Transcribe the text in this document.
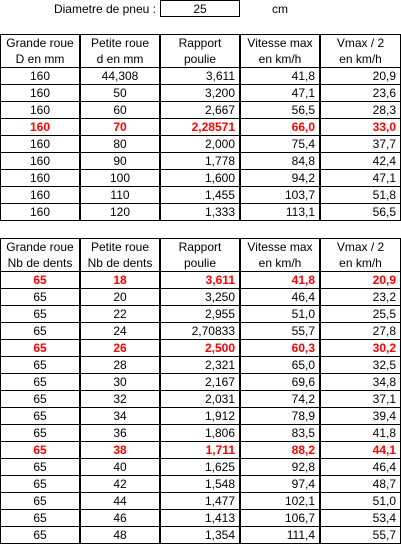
Diametre de pneu :	25	cm
Grande roue	Petite roue	Rapport	Vitesse max	Vmax / 2
D en mm	d en mm	poulie	en km/h	en km/h
160	44,308	3,611	41,8	20,9
160	50	3,200	47,1	23,6
160	60	2,667	56,5	28,3
160	70	2,28571	66,0	33,0
160	80	2,000	75,4	37,7
160	90	1,778	84,8	42,4
160	100	1,600	94,2	47,1
160	110	1,455	103,7	51,8
160	120	1,333	113,1	56,5
Grande roue	Petite roue	Rapport	Vitesse max	Vmax / 2
Nb de dents	Nb de dents	poulie	en km/h	en km/h
65	18	3,611	41,8	20,9
65	20	3,250	46,4	23,2
65	22	2,955	51,0	25,5
65	24	2,70833	55,7	27,8
65	26	2,500	60,3	30,2
65	28	2,321	65,0	32,5
65	30	2,167	69,6	34,8
65	32	2,031	74,2	37,1
65	34	1,912	78,9	39,4
65	36	1,806	83,5	41,8
65	38	1,711	88,2	44,1
65	40	1,625	92,8	46,4
65	42	1,548	97,4	48,7
65	44	1,477	102,1	51,0
65	46	1,413	106,7	53,4
65	48	1,354	111,4	55,7
